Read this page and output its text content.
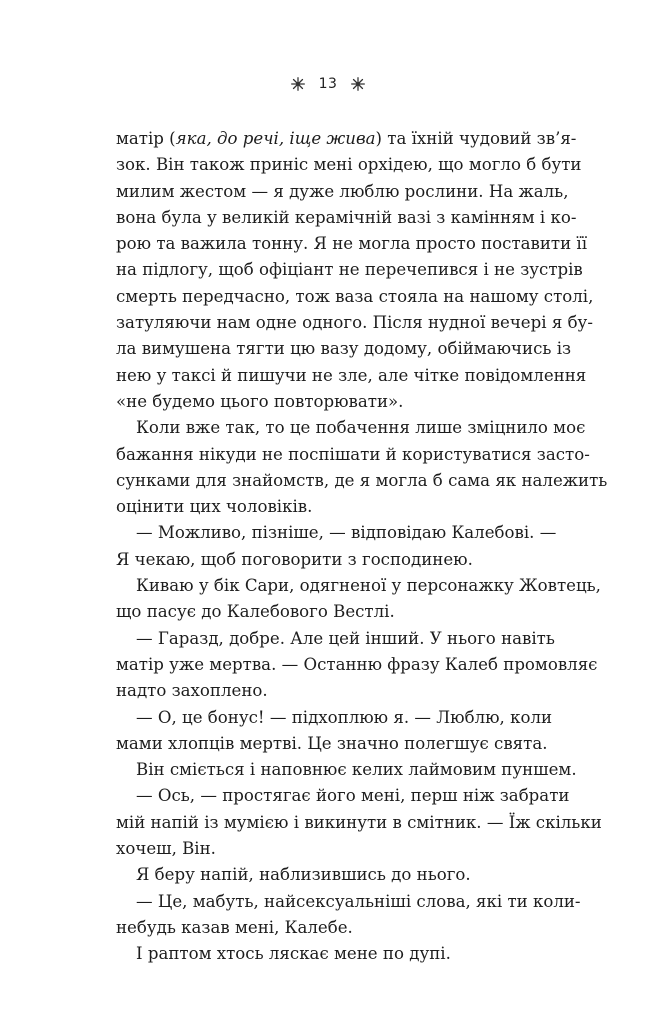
13
матір (яка, до речі, іще жива) та їхній чудовий зв’я-
зок. Він також приніс мені орхідею, що могло б бути
милим жестом — я дуже люблю рослини. На жаль,
вона була у великій керамічній вазі з камінням і ко-
рою та важила тонну. Я не могла просто поставити її
на підлогу, щоб офіціант не перечепився і не зустрів
смерть передчасно, тож ваза стояла на нашому столі,
затуляючи нам одне одного. Після нудної вечері я бу-
ла вимушена тягти цю вазу додому, обіймаючись із
нею у таксі й пишучи не зле, але чітке повідомлення
«не будемо цього повторювати».
Коли вже так, то це побачення лише зміцнило моє
бажання нікуди не поспішати й користуватися засто-
сунками для знайомств, де я могла б сама як належить
оцінити цих чоловіків.
— Можливо, пізніше, — відповідаю Калебові. —
Я чекаю, щоб поговорити з господинею.
Киваю у бік Сари, одягненої у персонажку Жовтець,
що пасує до Калебового Вестлі.
— Гаразд, добре. Але цей інший. У нього навіть
матір уже мертва. — Останню фразу Калеб промовляє
надто захоплено.
— О, це бонус! — підхоплюю я. — Люблю, коли
мами хлопців мертві. Це значно полегшує свята.
Він сміється і наповнює келих лаймовим пуншем.
— Ось, — простягає його мені, перш ніж забрати
мій напій із мумією і викинути в смітник. — Їж скільки
хочеш, Він.
Я беру напій, наблизившись до нього.
— Це, мабуть, найсексуальніші слова, які ти коли-
небудь казав мені, Калебе.
І раптом хтось ляскає мене по дупі.
